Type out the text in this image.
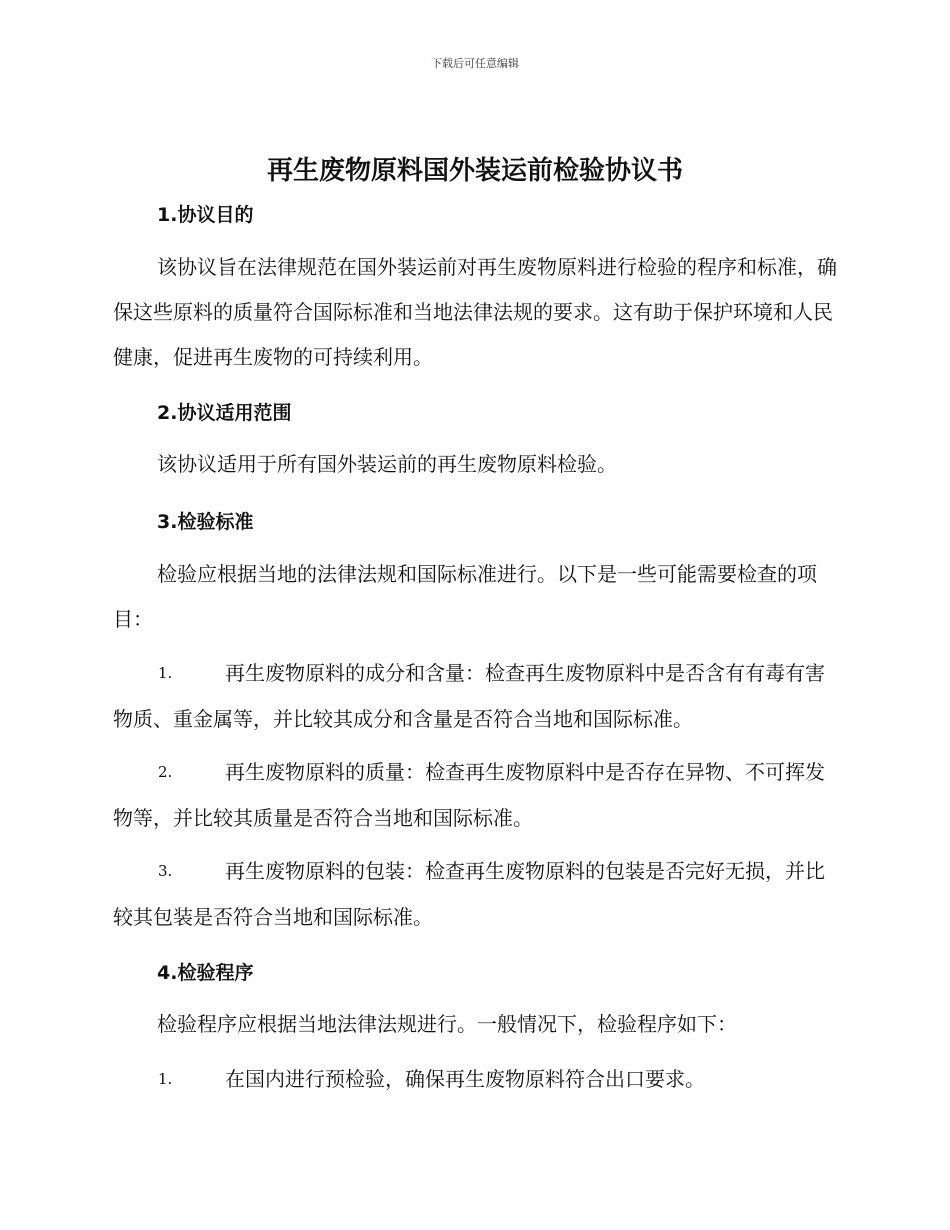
下载后可任意编辑
再生废物原料国外装运前检验协议书
1.协议目的

该协议旨在法律规范在国外装运前对再生废物原料进行检验的程序和标准，确保这些原料的质量符合国际标准和当地法律法规的要求。这有助于保护环境和人民健康，促进再生废物的可持续利用。

2.协议适用范围

该协议适用于所有国外装运前的再生废物原料检验。

3.检验标准

检验应根据当地的法律法规和国际标准进行。以下是一些可能需要检查的项目：

1.	再生废物原料的成分和含量：检查再生废物原料中是否含有有毒有害物质、重金属等，并比较其成分和含量是否符合当地和国际标准。
2.	再生废物原料的质量：检查再生废物原料中是否存在异物、不可挥发物等，并比较其质量是否符合当地和国际标准。
3.	再生废物原料的包装：检查再生废物原料的包装是否完好无损，并比较其包装是否符合当地和国际标准。
4.检验程序

检验程序应根据当地法律法规进行。一般情况下，检验程序如下：

1.	在国内进行预检验，确保再生废物原料符合出口要求。
